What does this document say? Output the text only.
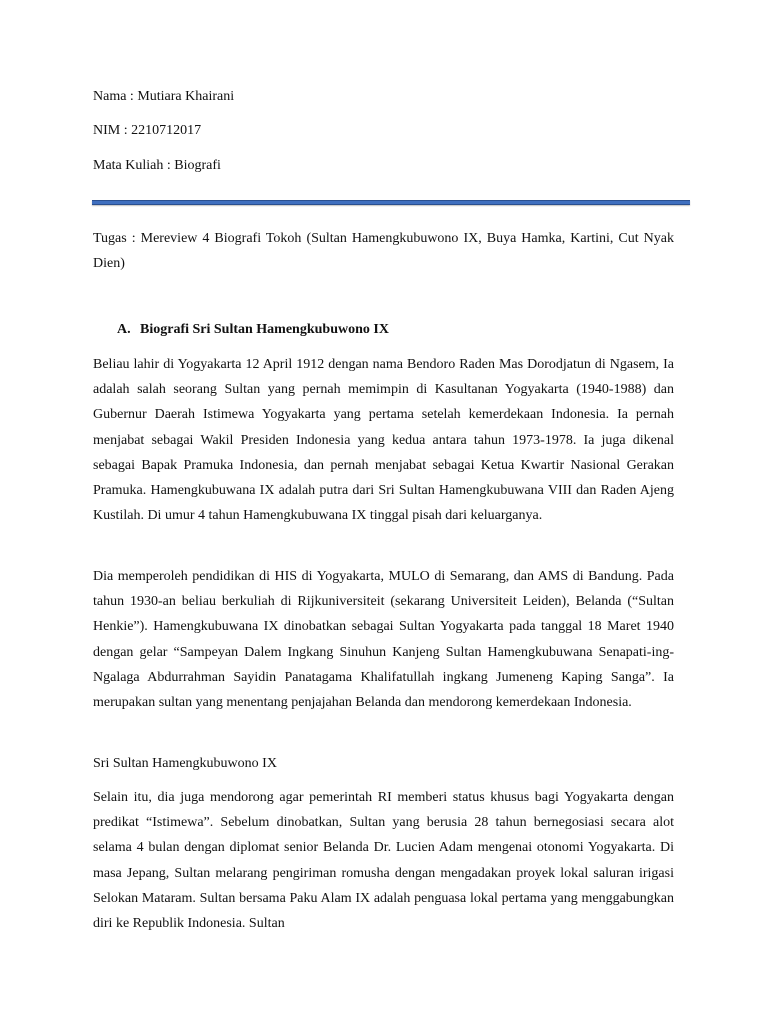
Nama : Mutiara Khairani
NIM : 2210712017
Mata Kuliah : Biografi

Tugas : Mereview 4 Biografi Tokoh (Sultan Hamengkubuwono IX, Buya Hamka, Kartini, Cut Nyak Dien)

A. Biografi Sri Sultan Hamengkubuwono IX

Beliau lahir di Yogyakarta 12 April 1912 dengan nama Bendoro Raden Mas Dorodjatun di Ngasem, Ia adalah salah seorang Sultan yang pernah memimpin di Kasultanan Yogyakarta (1940-1988) dan Gubernur Daerah Istimewa Yogyakarta yang pertama setelah kemerdekaan Indonesia. Ia pernah menjabat sebagai Wakil Presiden Indonesia yang kedua antara tahun 1973-1978. Ia juga dikenal sebagai Bapak Pramuka Indonesia, dan pernah menjabat sebagai Ketua Kwartir Nasional Gerakan Pramuka. Hamengkubuwana IX adalah putra dari Sri Sultan Hamengkubuwana VIII dan Raden Ajeng Kustilah. Di umur 4 tahun Hamengkubuwana IX tinggal pisah dari keluarganya.

Dia memperoleh pendidikan di HIS di Yogyakarta, MULO di Semarang, dan AMS di Bandung. Pada tahun 1930-an beliau berkuliah di Rijkuniversiteit (sekarang Universiteit Leiden), Belanda (“Sultan Henkie”). Hamengkubuwana IX dinobatkan sebagai Sultan Yogyakarta pada tanggal 18 Maret 1940 dengan gelar “Sampeyan Dalem Ingkang Sinuhun Kanjeng Sultan Hamengkubuwana Senapati-ing-Ngalaga Abdurrahman Sayidin Panatagama Khalifatullah ingkang Jumeneng Kaping Sanga”. Ia merupakan sultan yang menentang penjajahan Belanda dan mendorong kemerdekaan Indonesia.

Sri Sultan Hamengkubuwono IX

Selain itu, dia juga mendorong agar pemerintah RI memberi status khusus bagi Yogyakarta dengan predikat “Istimewa”. Sebelum dinobatkan, Sultan yang berusia 28 tahun bernegosiasi secara alot selama 4 bulan dengan diplomat senior Belanda Dr. Lucien Adam mengenai otonomi Yogyakarta. Di masa Jepang, Sultan melarang pengiriman romusha dengan mengadakan proyek lokal saluran irigasi Selokan Mataram. Sultan bersama Paku Alam IX adalah penguasa lokal pertama yang menggabungkan diri ke Republik Indonesia. Sultan
